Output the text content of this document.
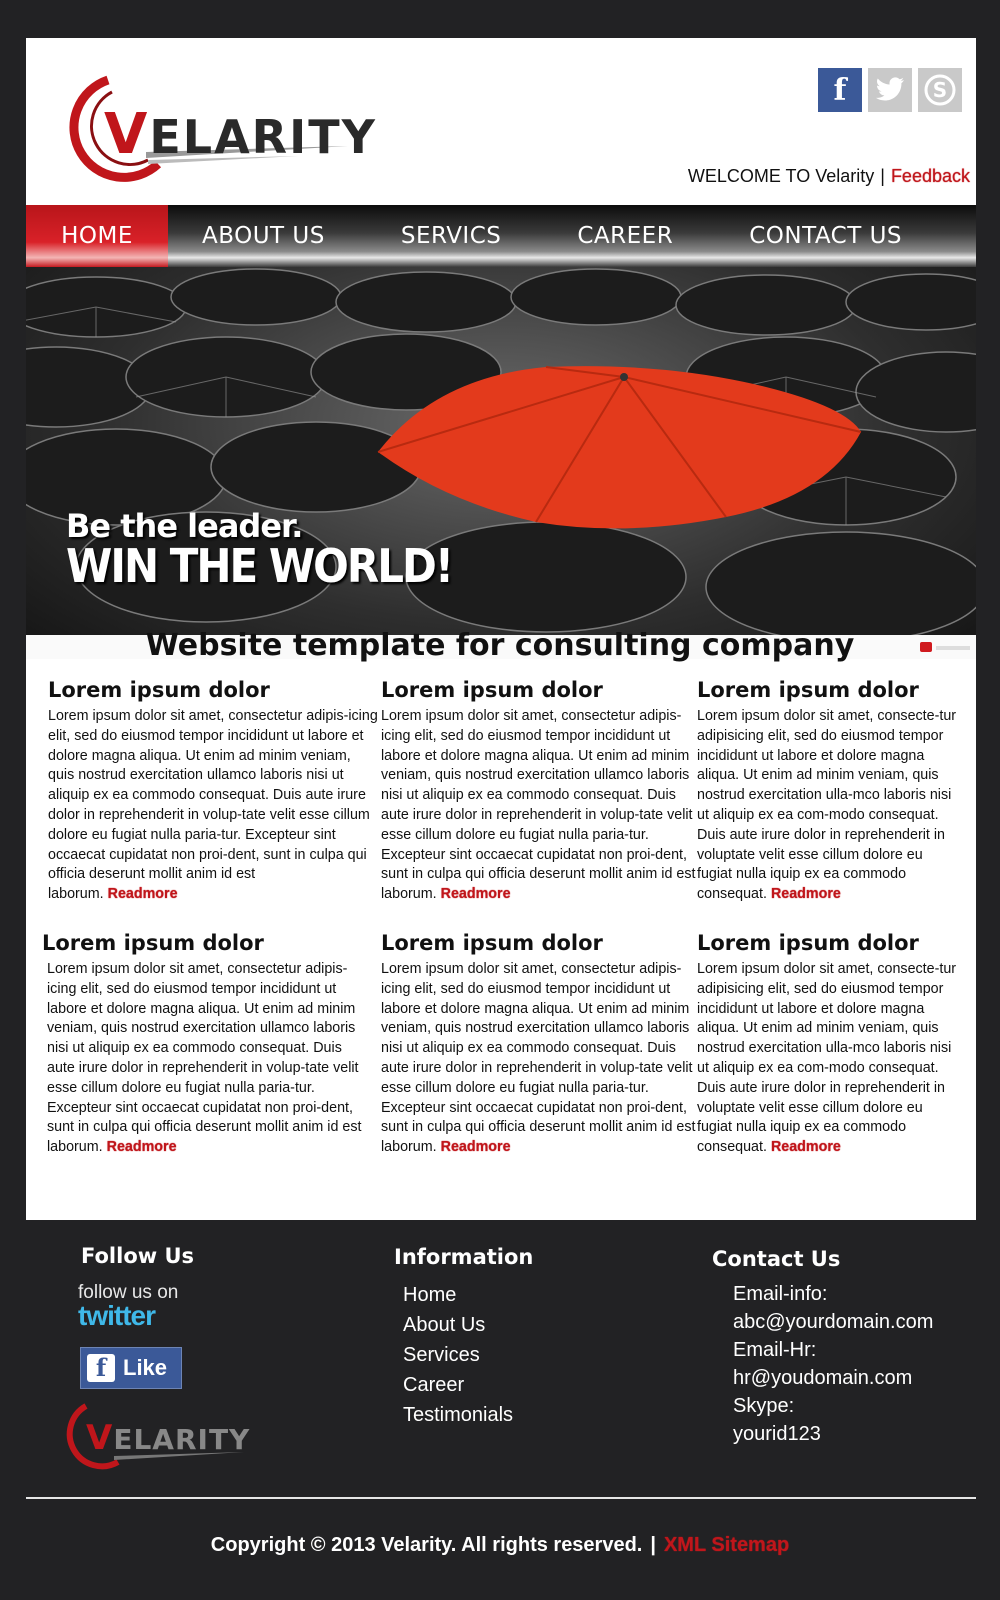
VELARITY
f	S
WELCOME TO Velarity | Feedback
HOME	ABOUT US	SERVICS	CAREER	CONTACT US
Be the leader.
WIN THE WORLD!
Website template for consulting company
Lorem ipsum dolor

Lorem ipsum dolor sit amet, consectetur adipis-icing elit, sed do eiusmod tempor incididunt ut labore et dolore magna aliqua. Ut enim ad minim veniam, quis nostrud exercitation ullamco laboris nisi ut aliquip ex ea commodo consequat. Duis aute irure dolor in reprehenderit in volup-tate velit esse cillum dolore eu fugiat nulla paria-tur. Excepteur sint occaecat cupidatat non proi-dent, sunt in culpa qui officia deserunt mollit anim id est laborum. Readmore

Lorem ipsum dolor

Lorem ipsum dolor sit amet, consectetur adipis-icing elit, sed do eiusmod tempor incididunt ut labore et dolore magna aliqua. Ut enim ad minim veniam, quis nostrud exercitation ullamco laboris nisi ut aliquip ex ea commodo consequat. Duis aute irure dolor in reprehenderit in volup-tate velit esse cillum dolore eu fugiat nulla paria-tur. Excepteur sint occaecat cupidatat non proi-dent, sunt in culpa qui officia deserunt mollit anim id est laborum. Readmore

Lorem ipsum dolor

Lorem ipsum dolor sit amet, consecte-tur adipisicing elit, sed do eiusmod tempor incididunt ut labore et dolore magna aliqua. Ut enim ad minim veniam, quis nostrud exercitation ulla-mco laboris nisi ut aliquip ex ea com-modo consequat. Duis aute irure dolor in reprehenderit in voluptate velit esse cillum dolore eu fugiat nulla iquip ex ea commodo consequat. Readmore

Lorem ipsum dolor

Lorem ipsum dolor sit amet, consectetur adipis-icing elit, sed do eiusmod tempor incididunt ut labore et dolore magna aliqua. Ut enim ad minim veniam, quis nostrud exercitation ullamco laboris nisi ut aliquip ex ea commodo consequat. Duis aute irure dolor in reprehenderit in volup-tate velit esse cillum dolore eu fugiat nulla paria-tur. Excepteur sint occaecat cupidatat non proi-dent, sunt in culpa qui officia deserunt mollit anim id est laborum. Readmore

Lorem ipsum dolor

Lorem ipsum dolor sit amet, consectetur adipis-icing elit, sed do eiusmod tempor incididunt ut labore et dolore magna aliqua. Ut enim ad minim veniam, quis nostrud exercitation ullamco laboris nisi ut aliquip ex ea commodo consequat. Duis aute irure dolor in reprehenderit in volup-tate velit esse cillum dolore eu fugiat nulla paria-tur. Excepteur sint occaecat cupidatat non proi-dent, sunt in culpa qui officia deserunt mollit anim id est laborum. Readmore

Lorem ipsum dolor

Lorem ipsum dolor sit amet, consecte-tur adipisicing elit, sed do eiusmod tempor incididunt ut labore et dolore magna aliqua. Ut enim ad minim veniam, quis nostrud exercitation ulla-mco laboris nisi ut aliquip ex ea com-modo consequat. Duis aute irure dolor in reprehenderit in voluptate velit esse cillum dolore eu fugiat nulla iquip ex ea commodo consequat. Readmore

Follow Us
follow us on
twitter
f Like
VELARITY
Information
Home
About Us
Services
Career
Testimonials
Contact Us
Email-info:
abc@yourdomain.com
Email-Hr:
hr@youdomain.com
Skype:
yourid123
Copyright © 2013 Velarity. All rights reserved. | XML Sitemap
